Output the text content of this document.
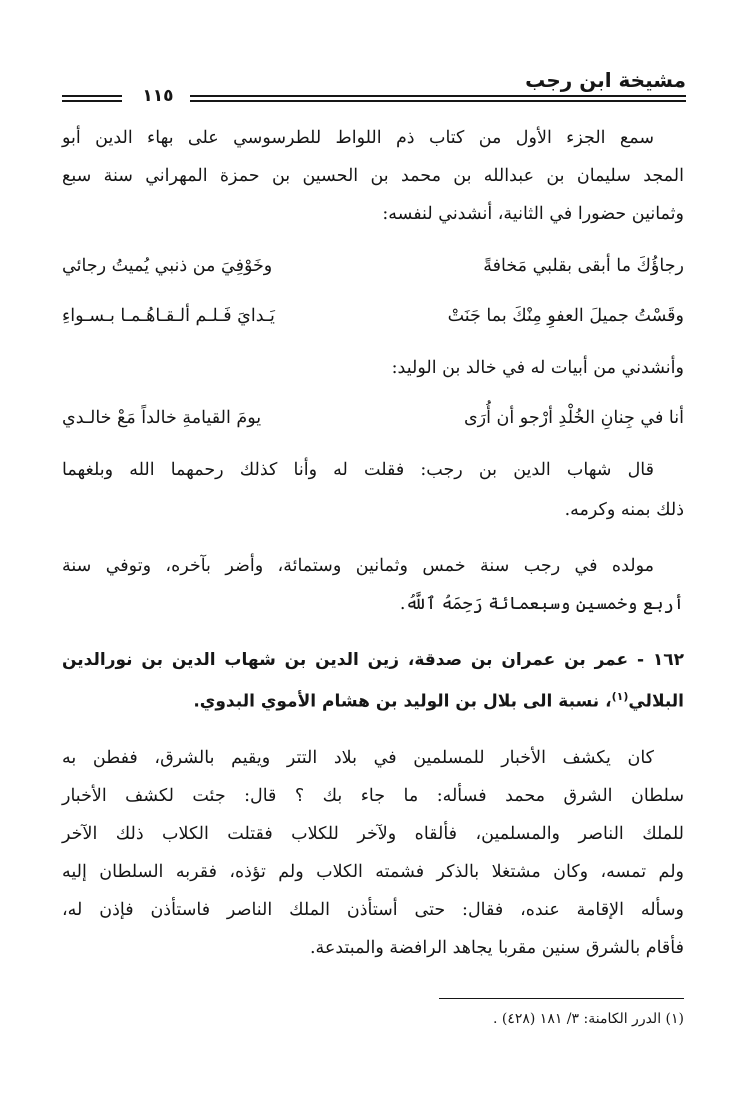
١١٥
مشيخة ابن رجب
سمع الجزء الأول من كتاب ذم اللواط للطرسوسي على بهاء الدين أبو
المجد سليمان بن عبدالله بن محمد بن الحسين بن حمزة المهراني سنة سبع
وثمانين حضورا في الثانية، أنشدني لنفسه:
رجاؤُكَ ما أبقى بقلبي مَخافةً
وخَوْفِيَ من ذنبي يُميتُ رجائي
وقَسْتُ جميلَ العفوِ مِنْكَ بما جَنَتْ
يَـدايَ فَـلـم ألـقـاهُـمـا بـسـواءِ
وأنشدني من أبيات له في خالد بن الوليد:
أنا في جِنانِ الخُلْدِ أرْجو أن أُرَى
يومَ القيامةِ خالداً مَعْ خالـدي
قال شهاب الدين بن رجب: فقلت له وأنا كذلك رحمهما الله وبلغهما
ذلك بمنه وكرمه.
مولده في رجب سنة خمس وثمانين وستمائة، وأضر بآخره، وتوفي سنة
أربع وخمسين وسبعمائة رَحِمَهُ ٱللَّهُ.
١٦٢ - عمر بن عمران بن صدقة، زين الدين بن شهاب الدين بن نورالدين
البلالي$^{(١)}$، نسبة الى بلال بن الوليد بن هشام الأموي البدوي.
كان يكشف الأخبار للمسلمين في بلاد التتر ويقيم بالشرق، ففطن به
سلطان الشرق محمد فسأله: ما جاء بك ؟ قال: جئت لكشف الأخبار
للملك الناصر والمسلمين، فألقاه ولآخر للكلاب فقتلت الكلاب ذلك الآخر
ولم تمسه، وكان مشتغلا بالذكر فشمته الكلاب ولم تؤذه، فقربه السلطان إليه
وسأله الإقامة عنده، فقال: حتى أستأذن الملك الناصر فاستأذن فإذن له،
فأقام بالشرق سنين مقربا يجاهد الرافضة والمبتدعة.
(١) الدرر الكامنة: ٣/ ١٨١ (٤٢٨) .
